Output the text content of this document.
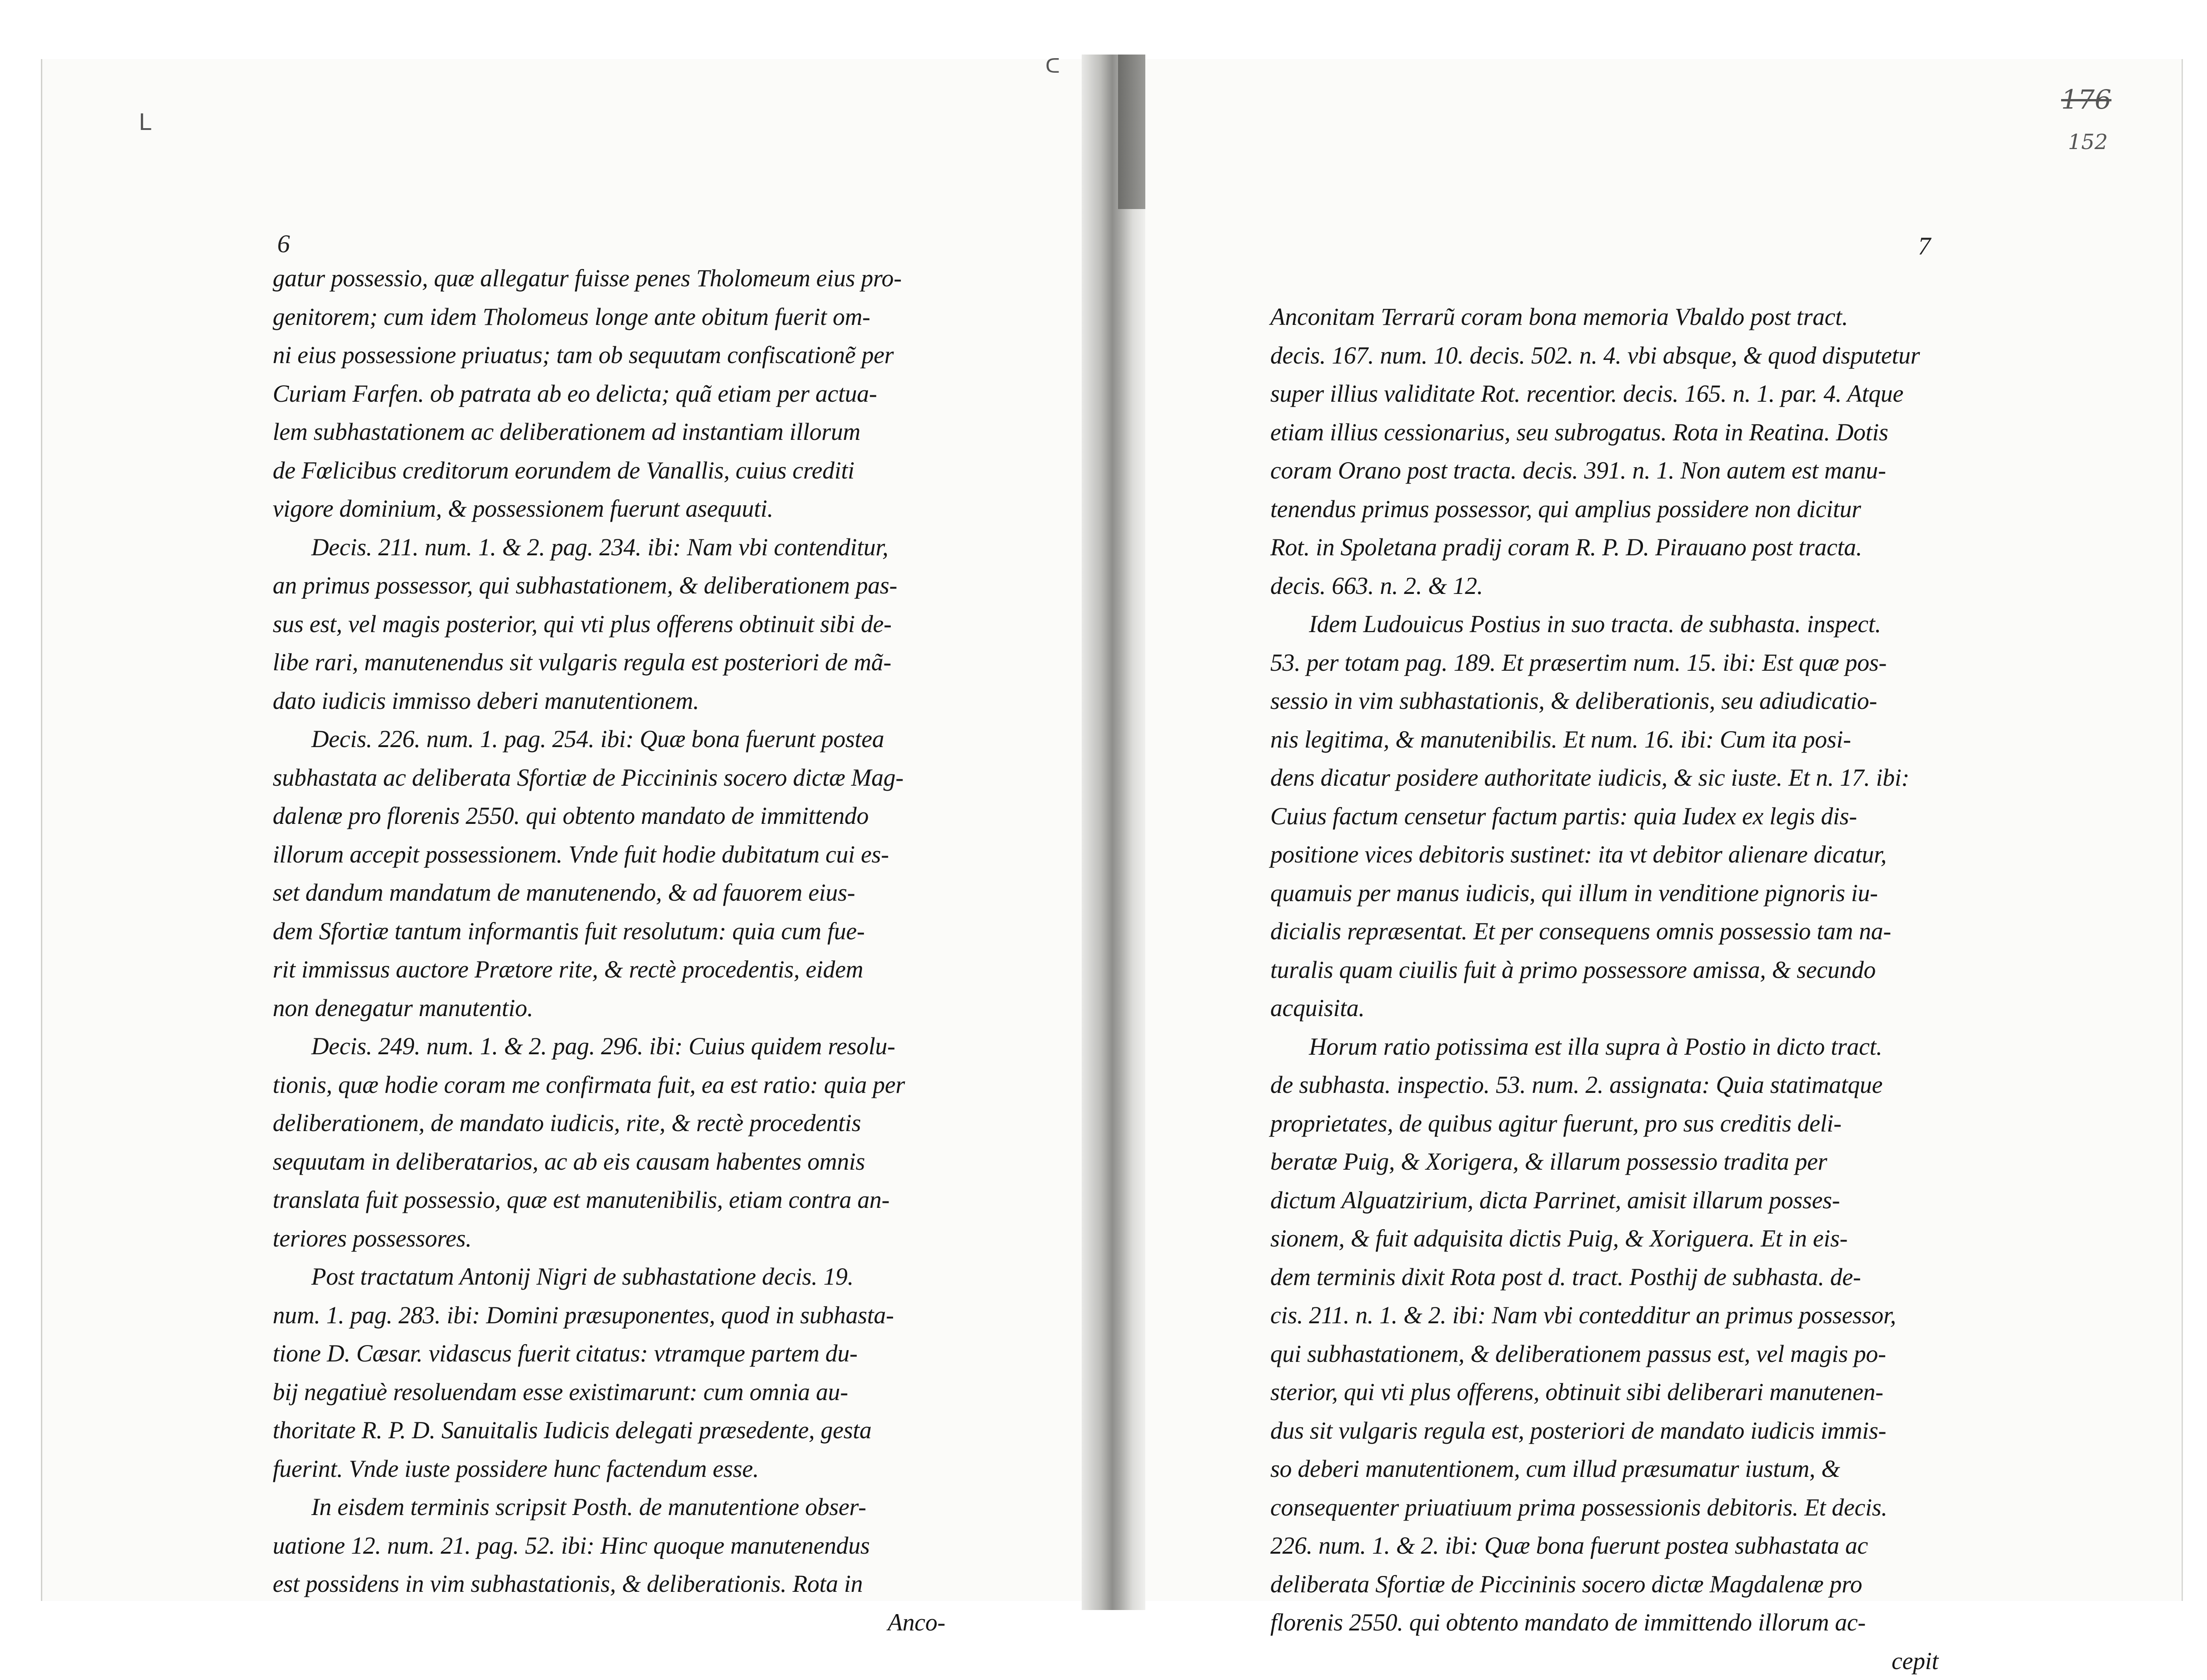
ᒪ
ᑕ
176
152
6	7
gatur possessio, quæ allegatur fuisse penes Tholomeum eius pro-
genitorem; cum idem Tholomeus longe ante obitum fuerit om-
ni eius possessione priuatus; tam ob sequutam confiscationẽ per
Curiam Farfen. ob patrata ab eo delicta; quã etiam per actua-
lem subhastationem ac deliberationem ad instantiam illorum
de Fœlicibus creditorum eorundem de Vanallis, cuius crediti
vigore dominium, & possessionem fuerunt asequuti.
Decis. 211. num. 1. & 2. pag. 234. ibi: Nam vbi contenditur,
an primus possessor, qui subhastationem, & deliberationem pas-
sus est, vel magis posterior, qui vti plus offerens obtinuit sibi de-
libe rari, manutenendus sit vulgaris regula est posteriori de mã-
dato iudicis immisso deberi manutentionem.
Decis. 226. num. 1. pag. 254. ibi: Quæ bona fuerunt postea
subhastata ac deliberata Sfortiæ de Piccininis socero dictæ Mag-
dalenæ pro florenis 2550. qui obtento mandato de immittendo
illorum accepit possessionem. Vnde fuit hodie dubitatum cui es-
set dandum mandatum de manutenendo, & ad fauorem eius-
dem Sfortiæ tantum informantis fuit resolutum: quia cum fue-
rit immissus auctore Prætore rite, & rectè procedentis, eidem
non denegatur manutentio.
Decis. 249. num. 1. & 2. pag. 296. ibi: Cuius quidem resolu-
tionis, quæ hodie coram me confirmata fuit, ea est ratio: quia per
deliberationem, de mandato iudicis, rite, & rectè procedentis
sequutam in deliberatarios, ac ab eis causam habentes omnis
translata fuit possessio, quæ est manutenibilis, etiam contra an-
teriores possessores.
Post tractatum Antonij Nigri de subhastatione decis. 19.
num. 1. pag. 283. ibi: Domini præsuponentes, quod in subhasta-
tione D. Cæsar. vidascus fuerit citatus: vtramque partem du-
bij negatiuè resoluendam esse existimarunt: cum omnia au-
thoritate R. P. D. Sanuitalis Iudicis delegati præsedente, gesta
fuerint. Vnde iuste possidere hunc factendum esse.
In eisdem terminis scripsit Posth. de manutentione obser-
uatione 12. num. 21. pag. 52. ibi: Hinc quoque manutenendus
est possidens in vim subhastationis, & deliberationis. Rota in
Anco-
Anconitam Terrarũ coram bona memoria Vbaldo post tract.
decis. 167. num. 10. decis. 502. n. 4. vbi absque, & quod disputetur
super illius validitate Rot. recentior. decis. 165. n. 1. par. 4. Atque
etiam illius cessionarius, seu subrogatus. Rota in Reatina. Dotis
coram Orano post tracta. decis. 391. n. 1. Non autem est manu-
tenendus primus possessor, qui amplius possidere non dicitur
Rot. in Spoletana pradij coram R. P. D. Pirauano post tracta.
decis. 663. n. 2. & 12.
Idem Ludouicus Postius in suo tracta. de subhasta. inspect.
53. per totam pag. 189. Et præsertim num. 15. ibi: Est quæ pos-
sessio in vim subhastationis, & deliberationis, seu adiudicatio-
nis legitima, & manutenibilis. Et num. 16. ibi: Cum ita posi-
dens dicatur posidere authoritate iudicis, & sic iuste. Et n. 17. ibi:
Cuius factum censetur factum partis: quia Iudex ex legis dis-
positione vices debitoris sustinet: ita vt debitor alienare dicatur,
quamuis per manus iudicis, qui illum in venditione pignoris iu-
dicialis repræsentat. Et per consequens omnis possessio tam na-
turalis quam ciuilis fuit à primo possessore amissa, & secundo
acquisita.
Horum ratio potissima est illa supra à Postio in dicto tract.
de subhasta. inspectio. 53. num. 2. assignata: Quia statimatque
proprietates, de quibus agitur fuerunt, pro sus creditis deli-
beratæ Puig, & Xorigera, & illarum possessio tradita per
dictum Alguatzirium, dicta Parrinet, amisit illarum posses-
sionem, & fuit adquisita dictis Puig, & Xoriguera. Et in eis-
dem terminis dixit Rota post d. tract. Posthij de subhasta. de-
cis. 211. n. 1. & 2. ibi: Nam vbi contedditur an primus possessor,
qui subhastationem, & deliberationem passus est, vel magis po-
sterior, qui vti plus offerens, obtinuit sibi deliberari manutenen-
dus sit vulgaris regula est, posteriori de mandato iudicis immis-
so deberi manutentionem, cum illud præsumatur iustum, &
consequenter priuatiuum prima possessionis debitoris. Et decis.
226. num. 1. & 2. ibi: Quæ bona fuerunt postea subhastata ac
deliberata Sfortiæ de Piccininis socero dictæ Magdalenæ pro
florenis 2550. qui obtento mandato de immittendo illorum ac-
cepit
